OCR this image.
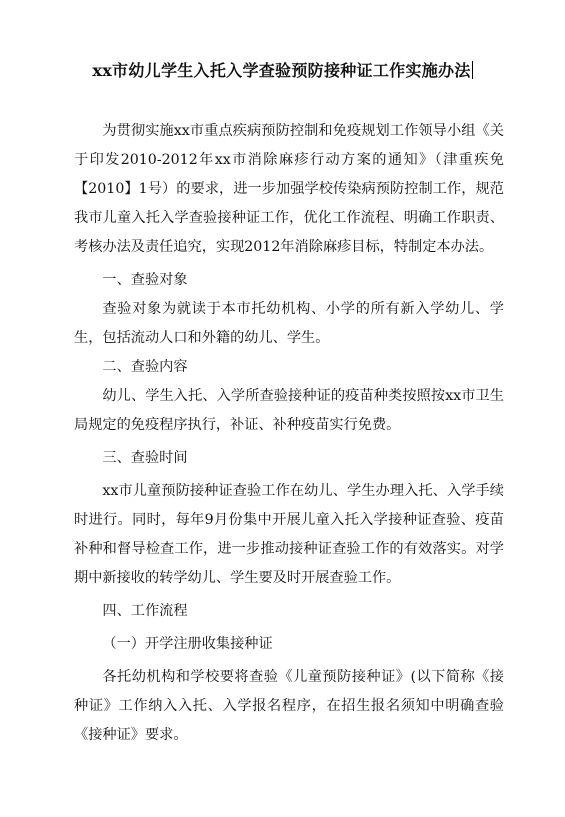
xx市幼儿学生入托入学查验预防接种证工作实施办法

为贯彻实施xx市重点疾病预防控制和免疫规划工作领导小组《关于印发2010-2012年xx市消除麻疹行动方案的通知》（津重疾免【2010】1号）的要求，进一步加强学校传染病预防控制工作，规范我市儿童入托入学查验接种证工作，优化工作流程、明确工作职责、考核办法及责任追究，实现2012年消除麻疹目标，特制定本办法。

一、查验对象

查验对象为就读于本市托幼机构、小学的所有新入学幼儿、学生，包括流动人口和外籍的幼儿、学生。

二、查验内容

幼儿、学生入托、入学所查验接种证的疫苗种类按照按xx市卫生局规定的免疫程序执行，补证、补种疫苗实行免费。

三、查验时间

xx市儿童预防接种证查验工作在幼儿、学生办理入托、入学手续时进行。同时，每年9月份集中开展儿童入托入学接种证查验、疫苗补种和督导检查工作，进一步推动接种证查验工作的有效落实。对学期中新接收的转学幼儿、学生要及时开展查验工作。

四、工作流程

（一）开学注册收集接种证

各托幼机构和学校要将查验《儿童预防接种证》(以下简称《接种证》工作纳入入托、入学报名程序，在招生报名须知中明确查验《接种证》要求。
